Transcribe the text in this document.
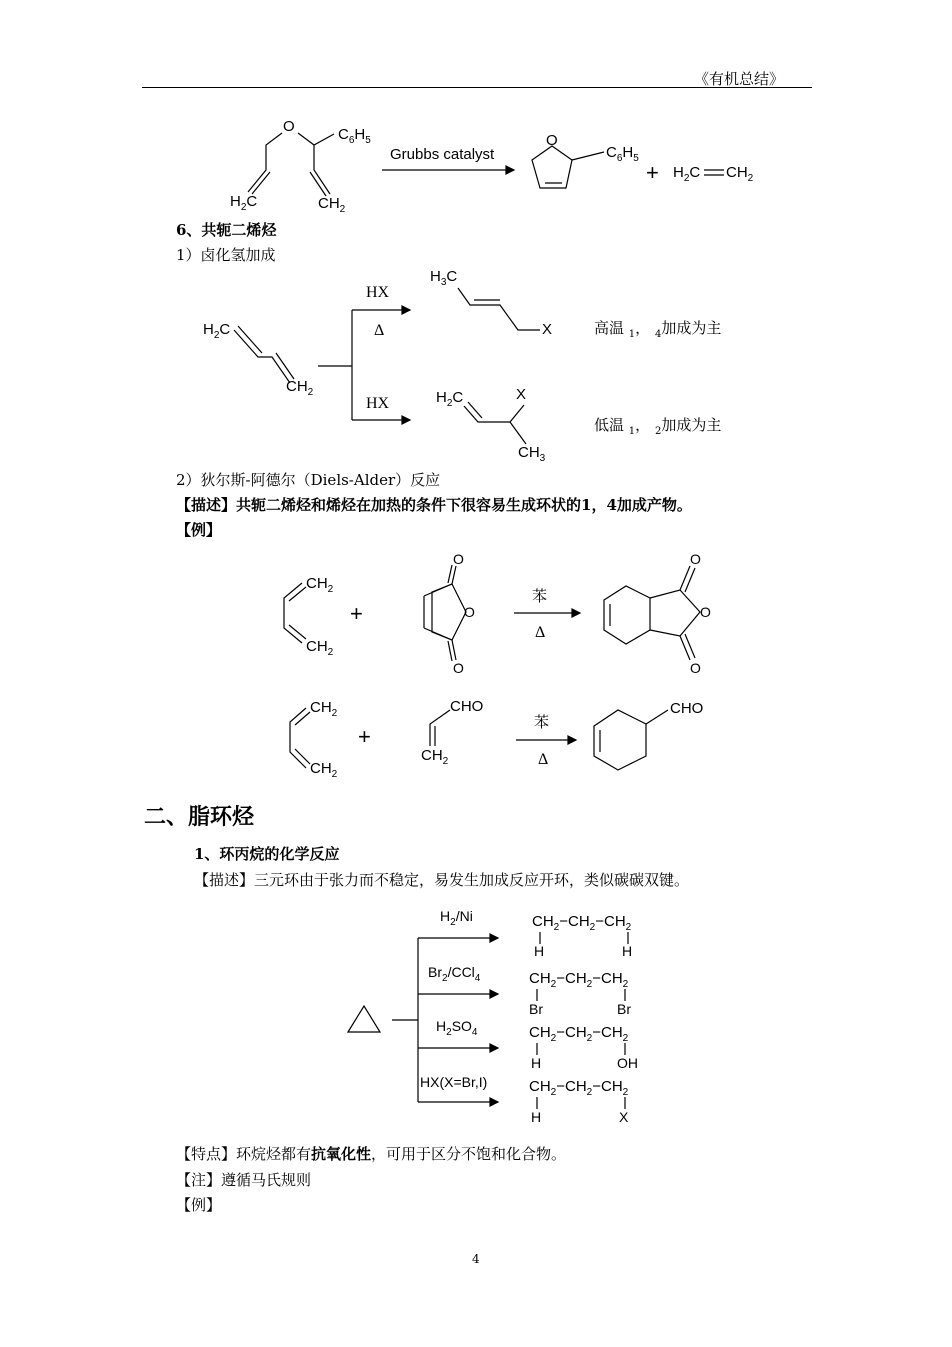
《有机总结》
O	$C_6H_5$
$H_2C$	$CH_2$
Grubbs catalyst
O
$C_6H_5$
+ $H_2C$ $CH_2$
6、共轭二烯烃
1）卤化氢加成
$H_2C$
$CH_2$
HX
Δ
HX
$H_3C$
X
$H_2C$	X
$CH_3$
高温 $_1$， $_4$加成为主
低温 $_1$， $_2$加成为主
2）狄尔斯-阿德尔（Diels-Alder）反应
【描述】共轭二烯烃和烯烃在加热的条件下很容易生成环状的1，4加成产物。
【例】
$CH_2$
$CH_2$
+
O
O
O
苯
Δ
O
O
O
$CH_2$
$CH_2$
+
CHO
$CH_2$
苯
Δ
CHO
二、脂环烃
1、环丙烷的化学反应
【描述】三元环由于张力而不稳定，易发生加成反应开环，类似碳碳双键。
$H_2/Ni$	$CH_2-CH_2-CH_2$
H	H
$Br_2/CCl_4$	$CH_2-CH_2-CH_2$
Br	Br
$H_2SO_4$	$CH_2-CH_2-CH_2$
H	OH
HX(X=Br,I)	$CH_2-CH_2-CH_2$
H	X
【特点】环烷烃都有抗氧化性，可用于区分不饱和化合物。
【注】遵循马氏规则
【例】
4
